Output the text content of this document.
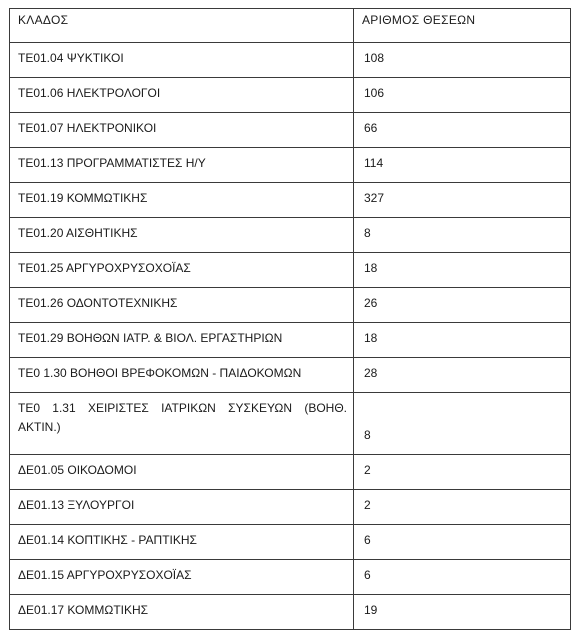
ΚΛΑΔΟΣ	ΑΡΙΘΜΟΣ ΘΕΣΕΩΝ
ΤΕ01.04 ΨΥΚΤΙΚΟΙ	108
ΤΕ01.06 ΗΛΕΚΤΡΟΛΟΓΟΙ	106
ΤΕ01.07 ΗΛΕΚΤΡΟΝΙΚΟΙ	66
ΤΕ01.13 ΠΡΟΓΡΑΜΜΑΤΙΣΤΕΣ Η/Υ	114
ΤΕ01.19 ΚΟΜΜΩΤΙΚΗΣ	327
ΤΕ01.20 ΑΙΣΘΗΤΙΚΗΣ	8
ΤΕ01.25 ΑΡΓΥΡΟΧΡΥΣΟΧΟΪΑΣ	18
ΤΕ01.26 ΟΔΟΝΤΟΤΕΧΝΙΚΗΣ	26
ΤΕ01.29 ΒΟΗΘΩΝ ΙΑΤΡ. & ΒΙΟΛ. ΕΡΓΑΣΤΗΡΙΩΝ	18
ΤΕ0 1.30 ΒΟΗΘΟΙ ΒΡΕΦΟΚΟΜΩΝ - ΠΑΙΔΟΚΟΜΩΝ	28
ΤΕ0 1.31 ΧΕΙΡΙΣΤΕΣ ΙΑΤΡΙΚΩΝ ΣΥΣΚΕΥΩΝ (ΒΟΗΘ. ΑΚΤΙΝ.)	8
ΔΕ01.05 ΟΙΚΟΔΟΜΟΙ	2
ΔΕ01.13 ΞΥΛΟΥΡΓΟΙ	2
ΔΕ01.14 ΚΟΠΤΙΚΗΣ - ΡΑΠΤΙΚΗΣ	6
ΔΕ01.15 ΑΡΓΥΡΟΧΡΥΣΟΧΟΪΑΣ	6
ΔΕ01.17 ΚΟΜΜΩΤΙΚΗΣ	19
